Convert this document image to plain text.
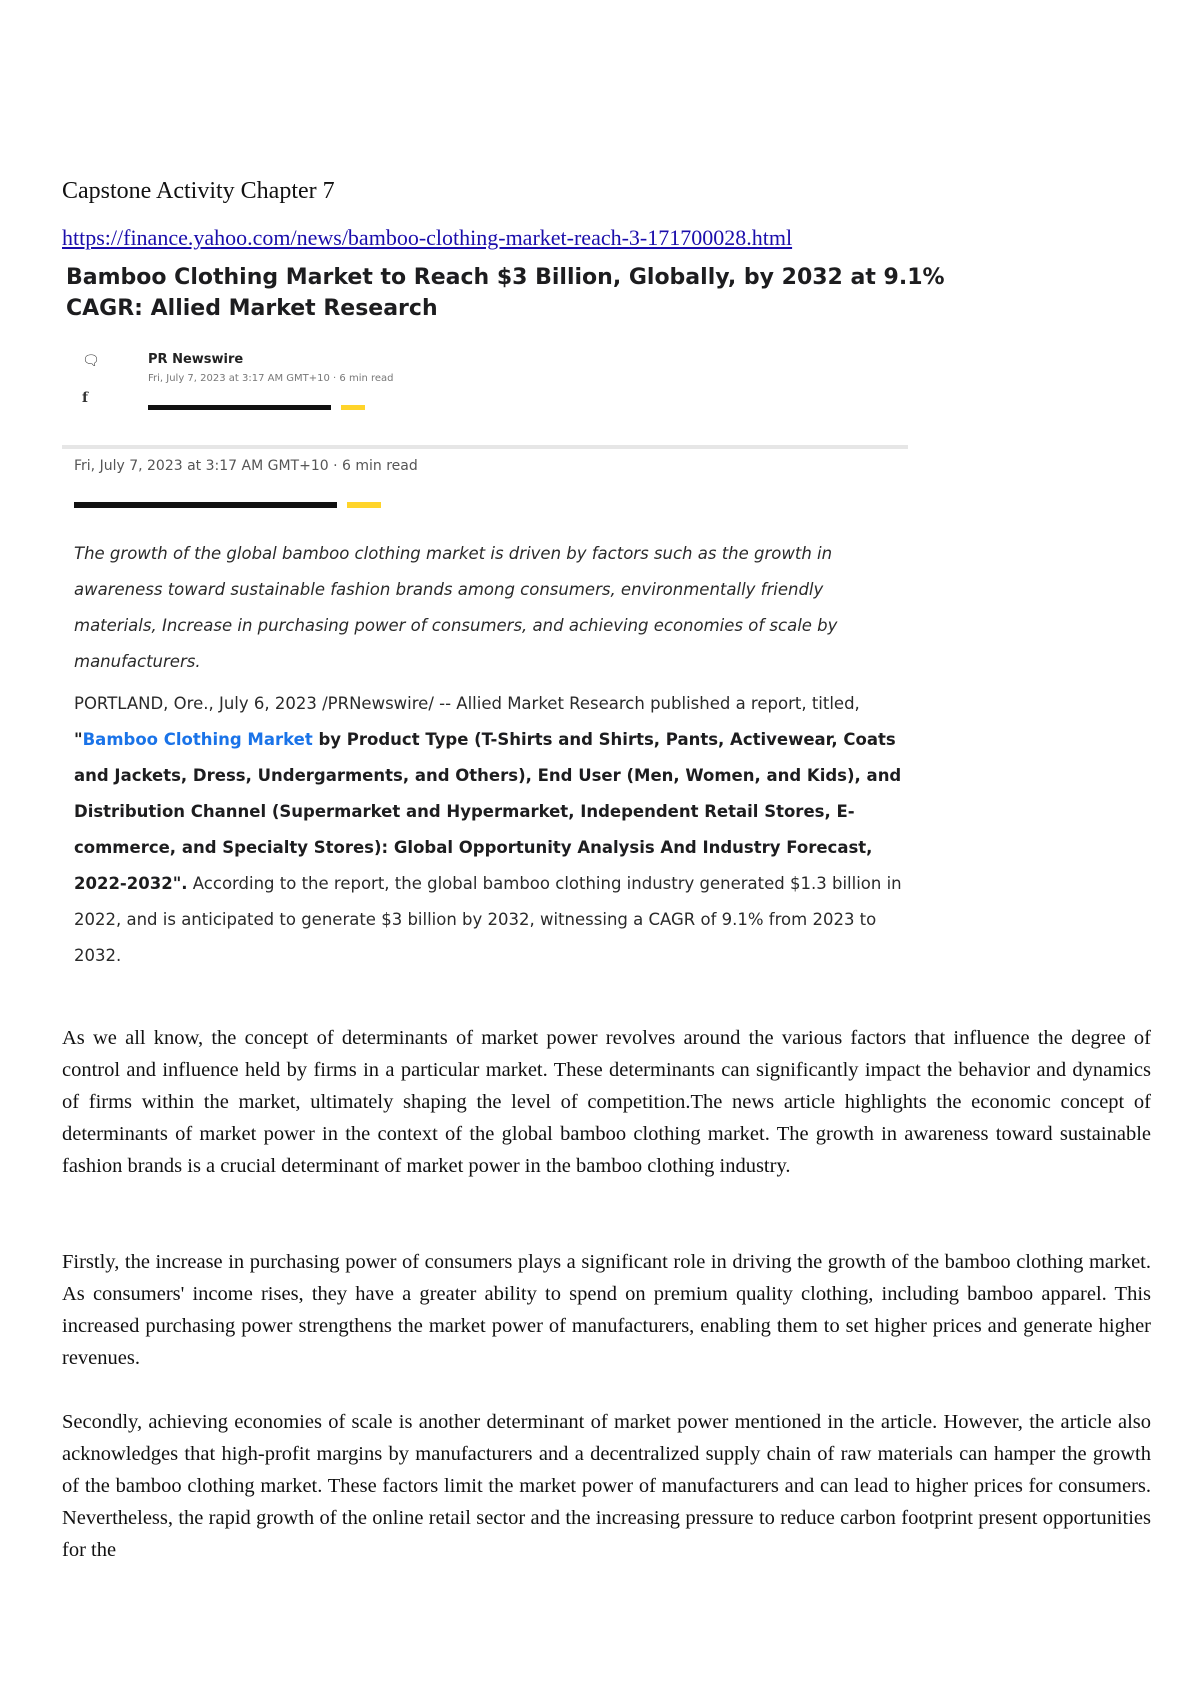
Capstone Activity Chapter 7
https://finance.yahoo.com/news/bamboo-clothing-market-reach-3-171700028.html
Bamboo Clothing Market to Reach $3 Billion, Globally, by 2032 at 9.1% CAGR: Allied Market Research
🗨
f
PR Newswire
Fri, July 7, 2023 at 3:17 AM GMT+10 · 6 min read
Fri, July 7, 2023 at 3:17 AM GMT+10 · 6 min read
The growth of the global bamboo clothing market is driven by factors such as the growth in awareness toward sustainable fashion brands among consumers, environmentally friendly materials, Increase in purchasing power of consumers, and achieving economies of scale by manufacturers.
PORTLAND, Ore., July 6, 2023 /PRNewswire/ -- Allied Market Research published a report, titled, "Bamboo Clothing Market by Product Type (T-Shirts and Shirts, Pants, Activewear, Coats and Jackets, Dress, Undergarments, and Others), End User (Men, Women, and Kids), and Distribution Channel (Supermarket and Hypermarket, Independent Retail Stores, E-commerce, and Specialty Stores): Global Opportunity Analysis And Industry Forecast, 2022-2032". According to the report, the global bamboo clothing industry generated $1.3 billion in 2022, and is anticipated to generate $3 billion by 2032, witnessing a CAGR of 9.1% from 2023 to 2032.

As we all know, the concept of determinants of market power revolves around the various factors that influence the degree of control and influence held by firms in a particular market. These determinants can significantly impact the behavior and dynamics of firms within the market, ultimately shaping the level of competition.The news article highlights the economic concept of determinants of market power in the context of the global bamboo clothing market. The growth in awareness toward sustainable fashion brands is a crucial determinant of market power in the bamboo clothing industry.

Firstly, the increase in purchasing power of consumers plays a significant role in driving the growth of the bamboo clothing market. As consumers' income rises, they have a greater ability to spend on premium quality clothing, including bamboo apparel. This increased purchasing power strengthens the market power of manufacturers, enabling them to set higher prices and generate higher revenues.

Secondly, achieving economies of scale is another determinant of market power mentioned in the article. However, the article also acknowledges that high-profit margins by manufacturers and a decentralized supply chain of raw materials can hamper the growth of the bamboo clothing market. These factors limit the market power of manufacturers and can lead to higher prices for consumers. Nevertheless, the rapid growth of the online retail sector and the increasing pressure to reduce carbon footprint present opportunities for the
